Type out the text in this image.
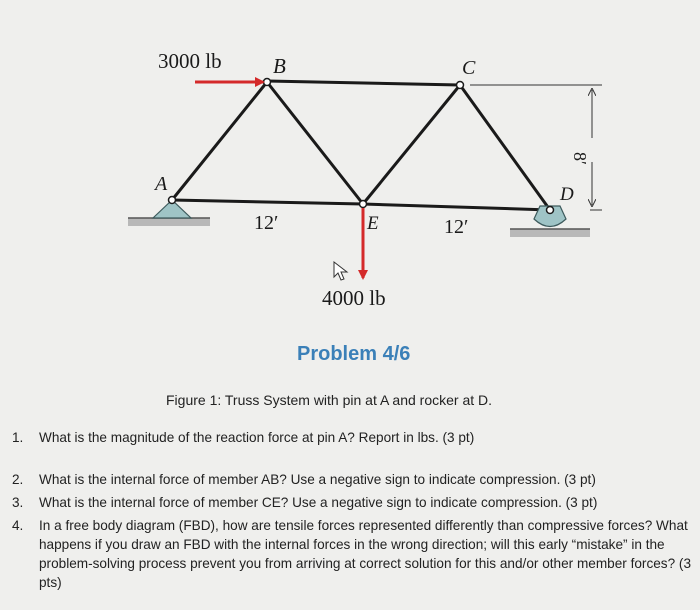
3000 lb B	C
A	D
E
12′	12′
8′
4000 lb
Problem 4/6
Figure 1: Truss System with pin at A and rocker at D.
1.	What is the magnitude of the reaction force at pin A? Report in lbs. (3 pt)
2.	What is the internal force of member AB? Use a negative sign to indicate compression. (3 pt)
3.	What is the internal force of member CE? Use a negative sign to indicate compression. (3 pt)
4.	In a free body diagram (FBD), how are tensile forces represented differently than compressive forces? What happens if you draw an FBD with the internal forces in the wrong direction; will this early “mistake” in the problem-solving process prevent you from arriving at correct solution for this and/or other member forces? (3 pts)
